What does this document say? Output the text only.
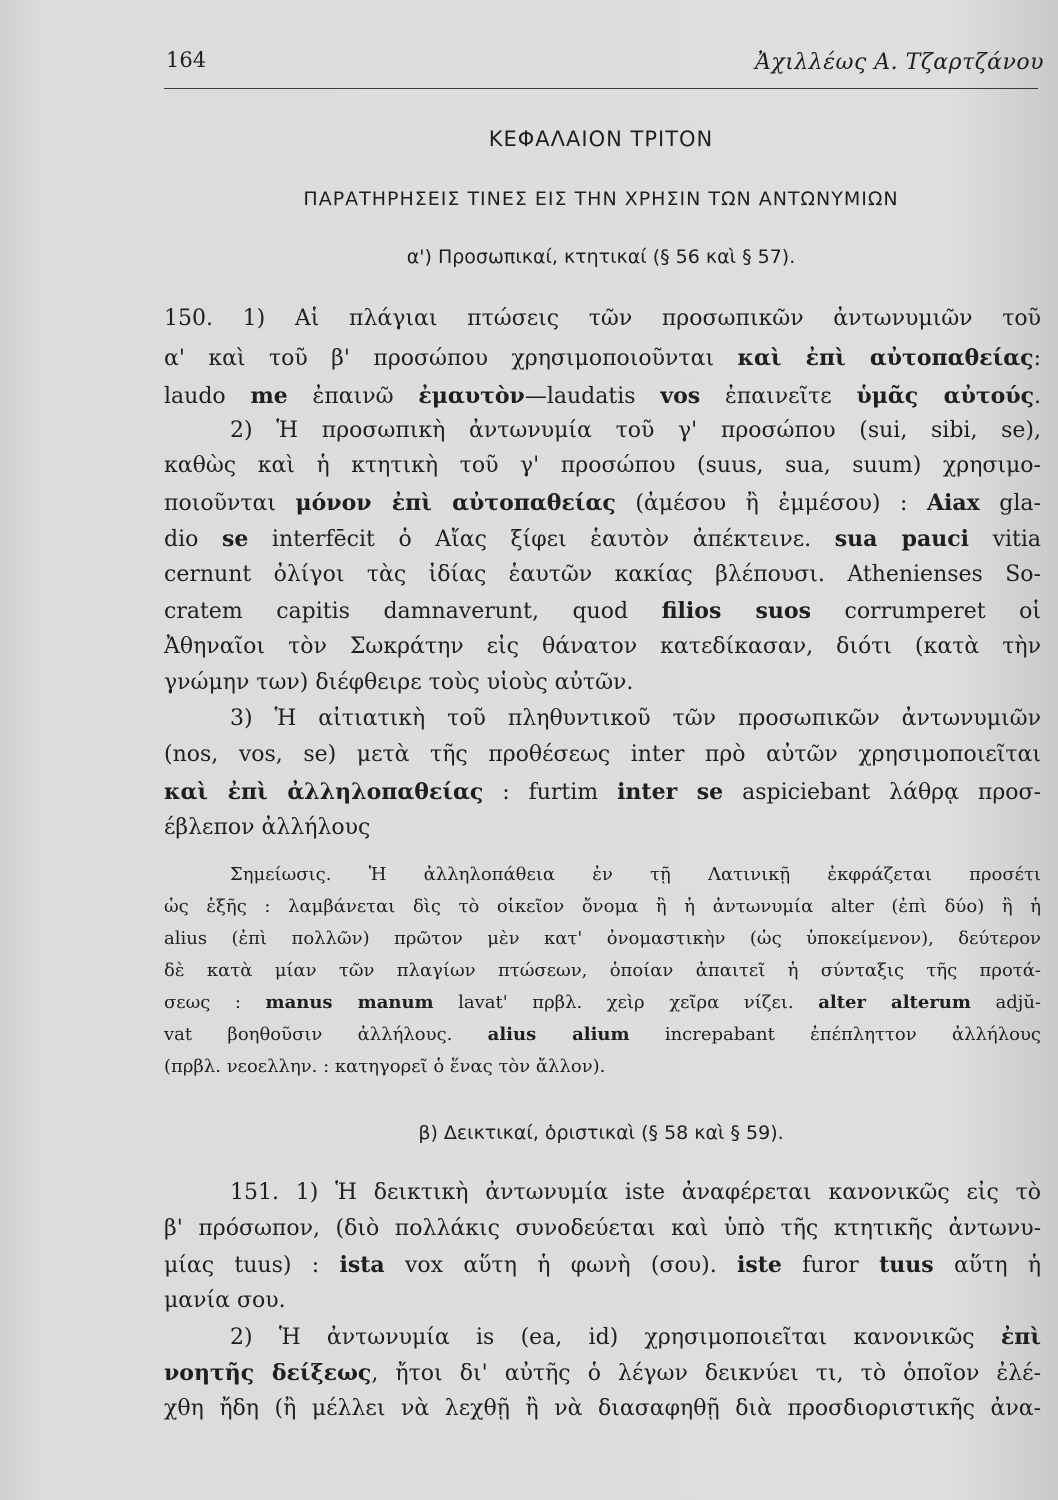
164	Ἀχιλλέως Α. Τζαρτζάνου
ΚΕΦΑΛΑΙΟΝ ΤΡΙΤΟΝ
ΠΑΡΑΤΗΡΗΣΕΙΣ ΤΙΝΕΣ ΕΙΣ ΤΗΝ ΧΡΗΣΙΝ ΤΩΝ ΑΝΤΩΝΥΜΙΩΝ
α') Προσωπικαί, κτητικαί (§ 56 καὶ § 57).
150. 1) Αἱ πλάγιαι πτώσεις τῶν προσωπικῶν ἀντωνυμιῶν τοῦ
α' καὶ τοῦ β' προσώπου χρησιμοποιοῦνται καὶ ἐπὶ αὐτοπαθείας:
laudo me ἐπαινῶ ἐμαυτὸν—laudatis vos ἐπαινεῖτε ὑμᾶς αὐτούς.
2) Ἡ προσωπικὴ ἀντωνυμία τοῦ γ' προσώπου (sui, sibi, se),
καθὼς καὶ ἡ κτητικὴ τοῦ γ' προσώπου (suus, sua, suum) χρησιμο-
ποιοῦνται μόνον ἐπὶ αὐτοπαθείας (ἀμέσου ἢ ἐμμέσου) : Aiax gla-
dio se interfēcit ὁ Αἴας ξίφει ἑαυτὸν ἀπέκτεινε. sua pauci vitia
cernunt ὀλίγοι τὰς ἰδίας ἑαυτῶν κακίας βλέπουσι. Athenienses So-
cratem capitis damnaverunt, quod filios suos corrumperet οἱ
Ἀθηναῖοι τὸν Σωκράτην εἰς θάνατον κατεδίκασαν, διότι (κατὰ τὴν
γνώμην των) διέφθειρε τοὺς υἱοὺς αὐτῶν.
3) Ἡ αἰτιατικὴ τοῦ πληθυντικοῦ τῶν προσωπικῶν ἀντωνυμιῶν
(nos, vos, se) μετὰ τῆς προθέσεως inter πρὸ αὐτῶν χρησιμοποιεῖται
καὶ ἐπὶ ἀλληλοπαθείας : furtim inter se aspiciebant λάθρᾳ προσ-
έβλεπον ἀλλήλους
Σημείωσις. Ἡ ἀλληλοπάθεια ἐν τῇ Λατινικῇ ἐκφράζεται προσέτι
ὡς ἑξῆς : λαμβάνεται δὶς τὸ οἰκεῖον ὄνομα ἢ ἡ ἀντωνυμία alter (ἐπὶ δύο) ἢ ἡ
alius (ἐπὶ πολλῶν) πρῶτον μὲν κατ' ὀνομαστικὴν (ὡς ὑποκείμενον), δεύτερον
δὲ κατὰ μίαν τῶν πλαγίων πτώσεων, ὁποίαν ἀπαιτεῖ ἡ σύνταξις τῆς προτά-
σεως : manus manum lavat' πρβλ. χεὶρ χεῖρα νίζει. alter alterum adjŭ-
vat βοηθοῦσιν ἀλλήλους. alius alium increpabant ἐπέπληττον ἀλλήλους
(πρβλ. νεοελλην. : κατηγορεῖ ὁ ἕνας τὸν ἄλλον).
β) Δεικτικαί, ὁριστικαὶ (§ 58 καὶ § 59).
151. 1) Ἡ δεικτικὴ ἀντωνυμία iste ἀναφέρεται κανονικῶς εἰς τὸ
β' πρόσωπον, (διὸ πολλάκις συνοδεύεται καὶ ὑπὸ τῆς κτητικῆς ἀντωνυ-
μίας tuus) : ista vox αὕτη ἡ φωνὴ (σου). iste furor tuus αὕτη ἡ
μανία σου.
2) Ἡ ἀντωνυμία is (ea, id) χρησιμοποιεῖται κανονικῶς ἐπὶ
νοητῆς δείξεως, ἤτοι δι' αὐτῆς ὁ λέγων δεικνύει τι, τὸ ὁποῖον ἐλέ-
χθη ἤδη (ἢ μέλλει νὰ λεχθῇ ἢ νὰ διασαφηθῇ διὰ προσδιοριστικῆς ἀνα-
